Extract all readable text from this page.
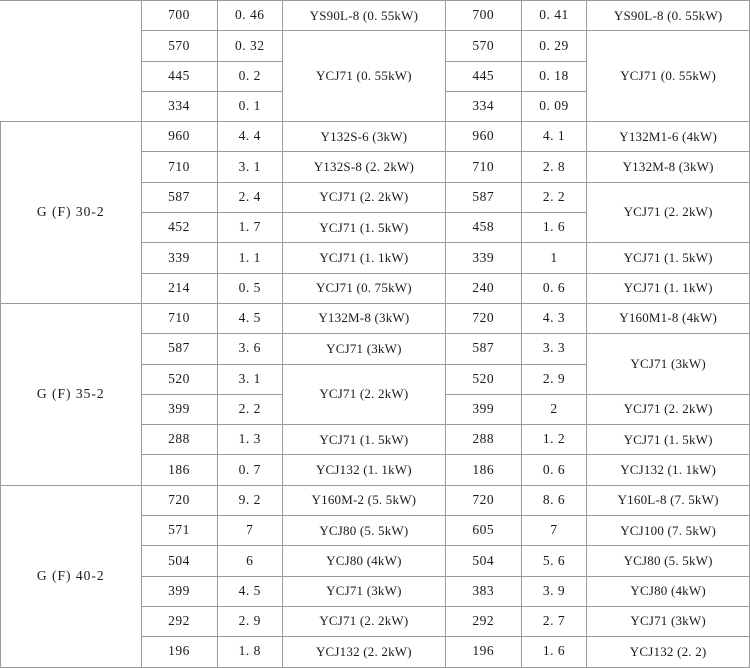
	700	0. 46	YS90L-8 (0. 55kW)	700	0. 41	YS90L-8 (0. 55kW)
	570	0. 32	YCJ71 (0. 55kW)	570	0. 29	YCJ71 (0. 55kW)
	445	0. 2		445	0. 18	
	334	0. 1		334	0. 09	
G (F) 30-2	960	4. 4	Y132S-6 (3kW)	960	4. 1	Y132M1-6 (4kW)
	710	3. 1	Y132S-8 (2. 2kW)	710	2. 8	Y132M-8 (3kW)
	587	2. 4	YCJ71 (2. 2kW)	587	2. 2	YCJ71 (2. 2kW)
	452	1. 7	YCJ71 (1. 5kW)	458	1. 6	
	339	1. 1	YCJ71 (1. 1kW)	339	1	YCJ71 (1. 5kW)
	214	0. 5	YCJ71 (0. 75kW)	240	0. 6	YCJ71 (1. 1kW)
G (F) 35-2	710	4. 5	Y132M-8 (3kW)	720	4. 3	Y160M1-8 (4kW)
	587	3. 6	YCJ71 (3kW)	587	3. 3	YCJ71 (3kW)
	520	3. 1	YCJ71 (2. 2kW)	520	2. 9	
	399	2. 2		399	2	YCJ71 (2. 2kW)
	288	1. 3	YCJ71 (1. 5kW)	288	1. 2	YCJ71 (1. 5kW)
	186	0. 7	YCJ132 (1. 1kW)	186	0. 6	YCJ132 (1. 1kW)
G (F) 40-2	720	9. 2	Y160M-2 (5. 5kW)	720	8. 6	Y160L-8 (7. 5kW)
	571	7	YCJ80 (5. 5kW)	605	7	YCJ100 (7. 5kW)
	504	6	YCJ80 (4kW)	504	5. 6	YCJ80 (5. 5kW)
	399	4. 5	YCJ71 (3kW)	383	3. 9	YCJ80 (4kW)
	292	2. 9	YCJ71 (2. 2kW)	292	2. 7	YCJ71 (3kW)
	196	1. 8	YCJ132 (2. 2kW)	196	1. 6	YCJ132 (2. 2)
